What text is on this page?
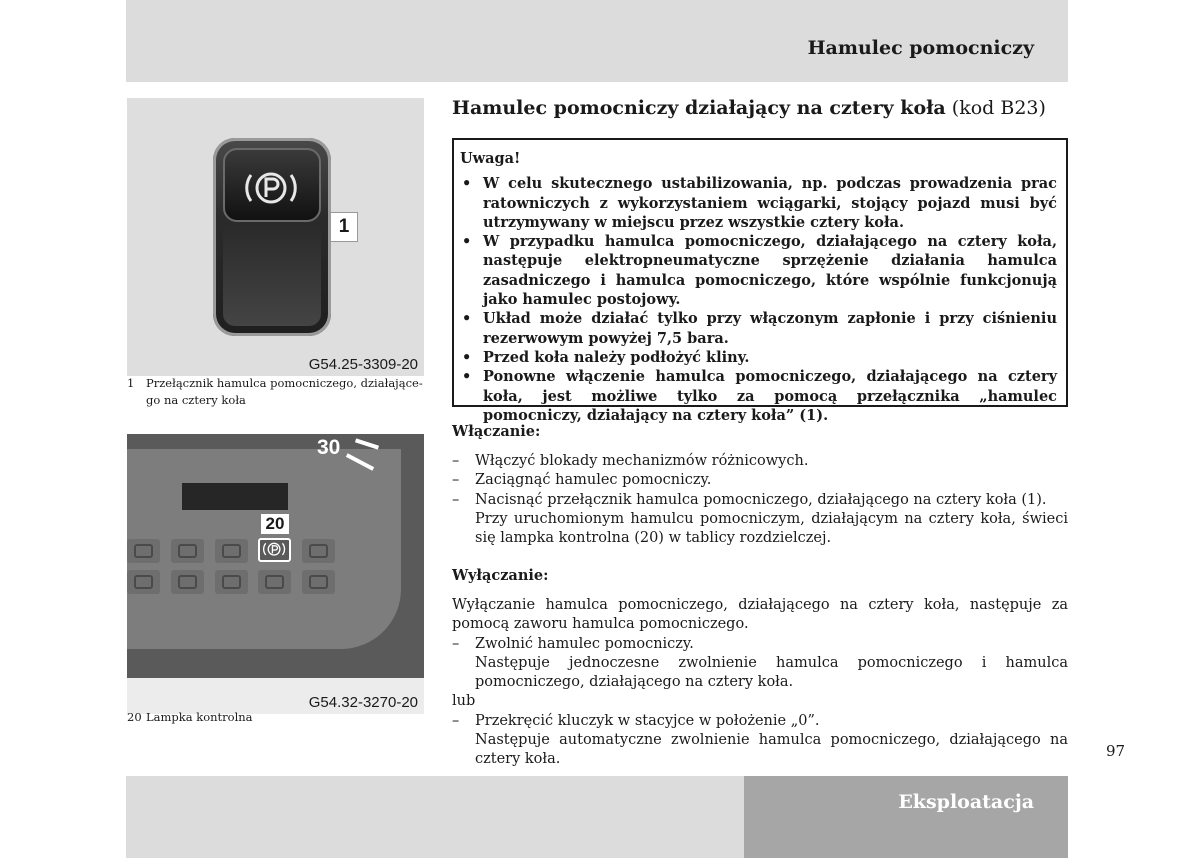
Hamulec pomocniczy
1
G54.25-3309-20
1 Przełącznik hamulca pomocniczego, działające-
go na cztery koła
30
20
G54.32-3270-20
20 Lampka kontrolna
Hamulec pomocniczy działający na cztery koła (kod B23)
Uwaga!
• W celu skutecznego ustabilizowania, np. podczas prowadzenia prac ratowniczych z wykorzystaniem wciągarki, stojący pojazd musi być utrzymywany w miejscu przez wszystkie cztery koła.
• W przypadku hamulca pomocniczego, działającego na cztery koła, następuje elektropneumatyczne sprzężenie działania hamulca zasadniczego i hamulca pomocniczego, które wspólnie funkcjonują jako hamulec postojowy.
• Układ może działać tylko przy włączonym zapłonie i przy ciśnieniu rezerwowym powyżej 7,5 bara.
• Przed koła należy podłożyć kliny.
• Ponowne włączenie hamulca pomocniczego, działającego na cztery koła, jest możliwe tylko za pomocą przełącznika „hamulec pomocniczy, działający na cztery koła” (1).
Włączanie:
– Włączyć blokady mechanizmów różnicowych.
– Zaciągnąć hamulec pomocniczy.
– Nacisnąć przełącznik hamulca pomocniczego, działającego na cztery koła (1).
Przy uruchomionym hamulcu pomocniczym, działającym na cztery koła, świeci się lampka kontrolna (20) w tablicy rozdzielczej.
Wyłączanie:
Wyłączanie hamulca pomocniczego, działającego na cztery koła, następuje za pomocą zaworu hamulca pomocniczego.
– Zwolnić hamulec pomocniczy.
Następuje jednoczesne zwolnienie hamulca pomocniczego i hamulca pomocniczego, działającego na cztery koła.
lub
– Przekręcić kluczyk w stacyjce w położenie „0”.
Następuje automatyczne zwolnienie hamulca pomocniczego, działającego na cztery koła.	97
Eksploatacja
